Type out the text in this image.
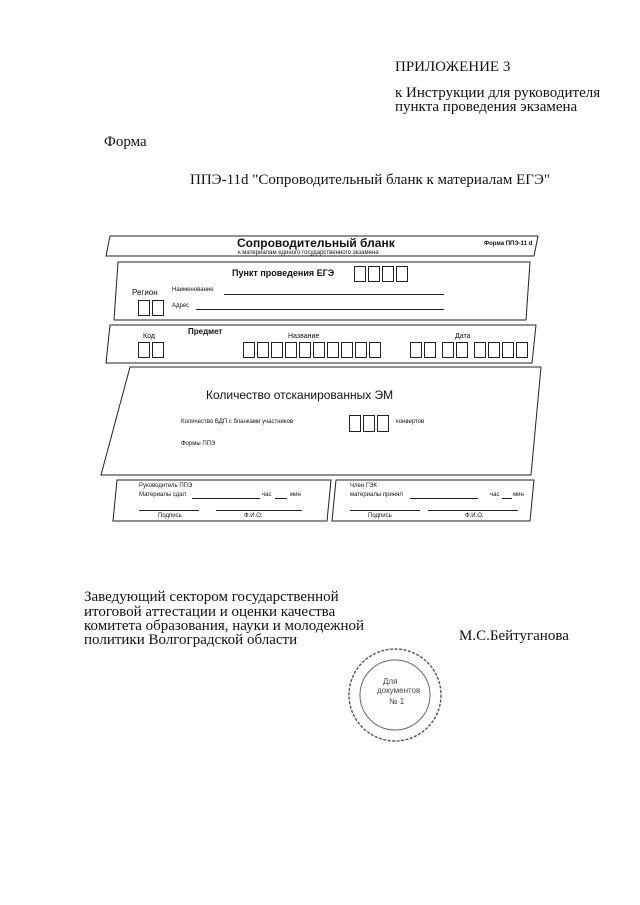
ПРИЛОЖЕНИЕ 3
к Инструкции для руководителя
пункта проведения экзамена
Форма
ППЭ-11d "Сопроводительный бланк к материалам ЕГЭ"
Сопроводительный бланк
к материалам единого государственного экзамена
Форма ППЭ-11 d
Пункт проведения ЕГЭ
Регион Наименование
Адрес
Предмет
Код	Название	Дата
Количество отсканированных ЭМ
Количество ВДП с бланками участников	конвертов
Формы ППЭ
Руководитель ППЭ
Материалы сдал	час	мин
Подпись	Ф.И.О.
Член ГЭК
материалы принял	час мин
Подпись	Ф.И.О.
Заведующий сектором государственной
итоговой аттестации и оценки качества
комитета образования, науки и молодежной
политики Волгоградской области	М.С.Бейтуганова
Для
документов
№ 1
